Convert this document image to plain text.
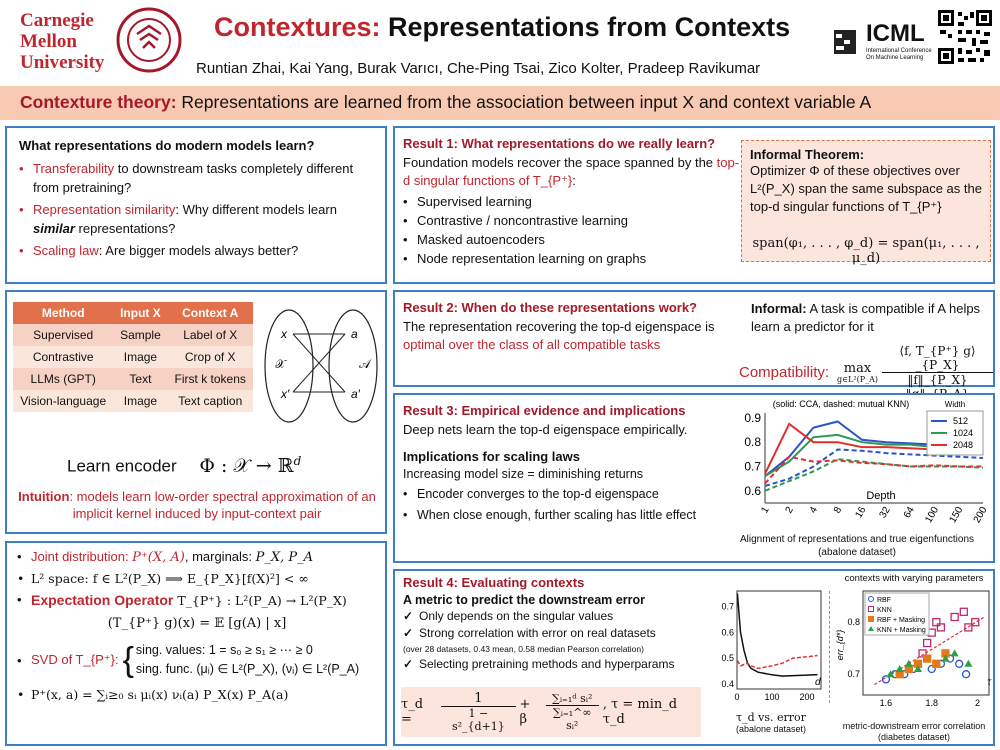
Carnegie
Mellon
University
Contextures: Representations from Contexts
Runtian Zhai, Kai Yang, Burak Varıcı, Che-Ping Tsai, Zico Kolter, Pradeep Ravikumar
ICML
International Conference
On Machine Learning
Contexture theory: Representations are learned from the association between input X and context variable A
What representations do modern models learn?
• Transferability to downstream tasks completely different from pretraining?
• Representation similarity: Why different models learn similar representations?
• Scaling law: Are bigger models always better?
Method	Input X	Context A
Supervised	Sample	Label of X
Contrastive	Image	Crop of X
LLMs (GPT)	Text	First k tokens
Vision-language	Image	Text caption
x
𝒳
x′
a
𝒜
a′
Learn encoder Φ : 𝒳 → ℝ$^d$
Intuition: models learn low-order spectral approximation of an implicit kernel induced by input-context pair
• Joint distribution: P⁺(X, A), marginals: P_X, P_A
• L² space: f ∈ L²(P_X) ⟹ E_{P_X}[f(X)²] < ∞
• Expectation Operator T_{P⁺} : L²(P_A) → L²(P_X)
(T_{P⁺} g)(x) = 𝔼 [g(A) | x]
• SVD of T_{P⁺}: { sing. values: 1 = s₀ ≥ s₁ ≥ ⋯ ≥ 0
sing. func. (μᵢ) ∈ L²(P_X), (νᵢ) ∈ L²(P_A)
• P⁺(x, a) = ∑ᵢ≥₀ sᵢ μᵢ(x) νᵢ(a) P_X(x) P_A(a)
Result 1: What representations do we really learn?
Foundation models recover the space spanned by the top-d singular functions of T_{P⁺}:
• Supervised learning
• Contrastive / noncontrastive learning
• Masked autoencoders
• Node representation learning on graphs
Informal Theorem:
Optimizer Φ of these objectives over L²(P_X) span the same subspace as the top-d singular functions of T_{P⁺}
span(φ₁, . . . , φ_d) = span(μ₁, . . . , μ_d)
Result 2: When do these representations work?
The representation recovering the top-d eigenspace is optimal over the class of all compatible tasks
Informal: A task is compatible if A helps learn a predictor for it
Compatibility:	max
g∈L²(P_A)
⟨f, T_{P⁺} g⟩_{P_X}
‖f‖_{P_X}
Result 3: Empirical evidence and implications
Deep nets learn the top-d eigenspace empirically.
Implications for scaling laws
Increasing model size = diminishing returns
• Encoder converges to the top-d eigenspace
• When close enough, further scaling has little effect
(solid: CCA, dashed: mutual KNN)
0.9
0.8
0.7
0.6
1 2 4 8 16 32 64 100 150 200
Depth
Width
512
1024
2048
Alignment of representations and true eigenfunctions (abalone dataset)
Result 4: Evaluating contexts
A metric to predict the downstream error
✓ Only depends on the singular values
✓ Strong correlation with error on real datasets
(over 28 datasets, 0.43 mean, 0.58 median Pearson correlation)
✓ Selecting pretraining methods and hyperparams
τ_d =
1
1 − s²_{d+1}
+ β
∑ᵢ₌₁ᵈ sᵢ²
∑ᵢ₌₁^∞ sᵢ²
, τ = min_d τ_d
0.7
0.6
0.5
0.4
0	100 200
d
τ_d vs. error
(abalone dataset)
contexts with varying parameters
0.8
0.7
1.6	1.8	2
τ
err_{d*}
RBF
KNN
RBF + Masking
KNN + Masking
metric-downstream error correlation
(diabetes dataset)
